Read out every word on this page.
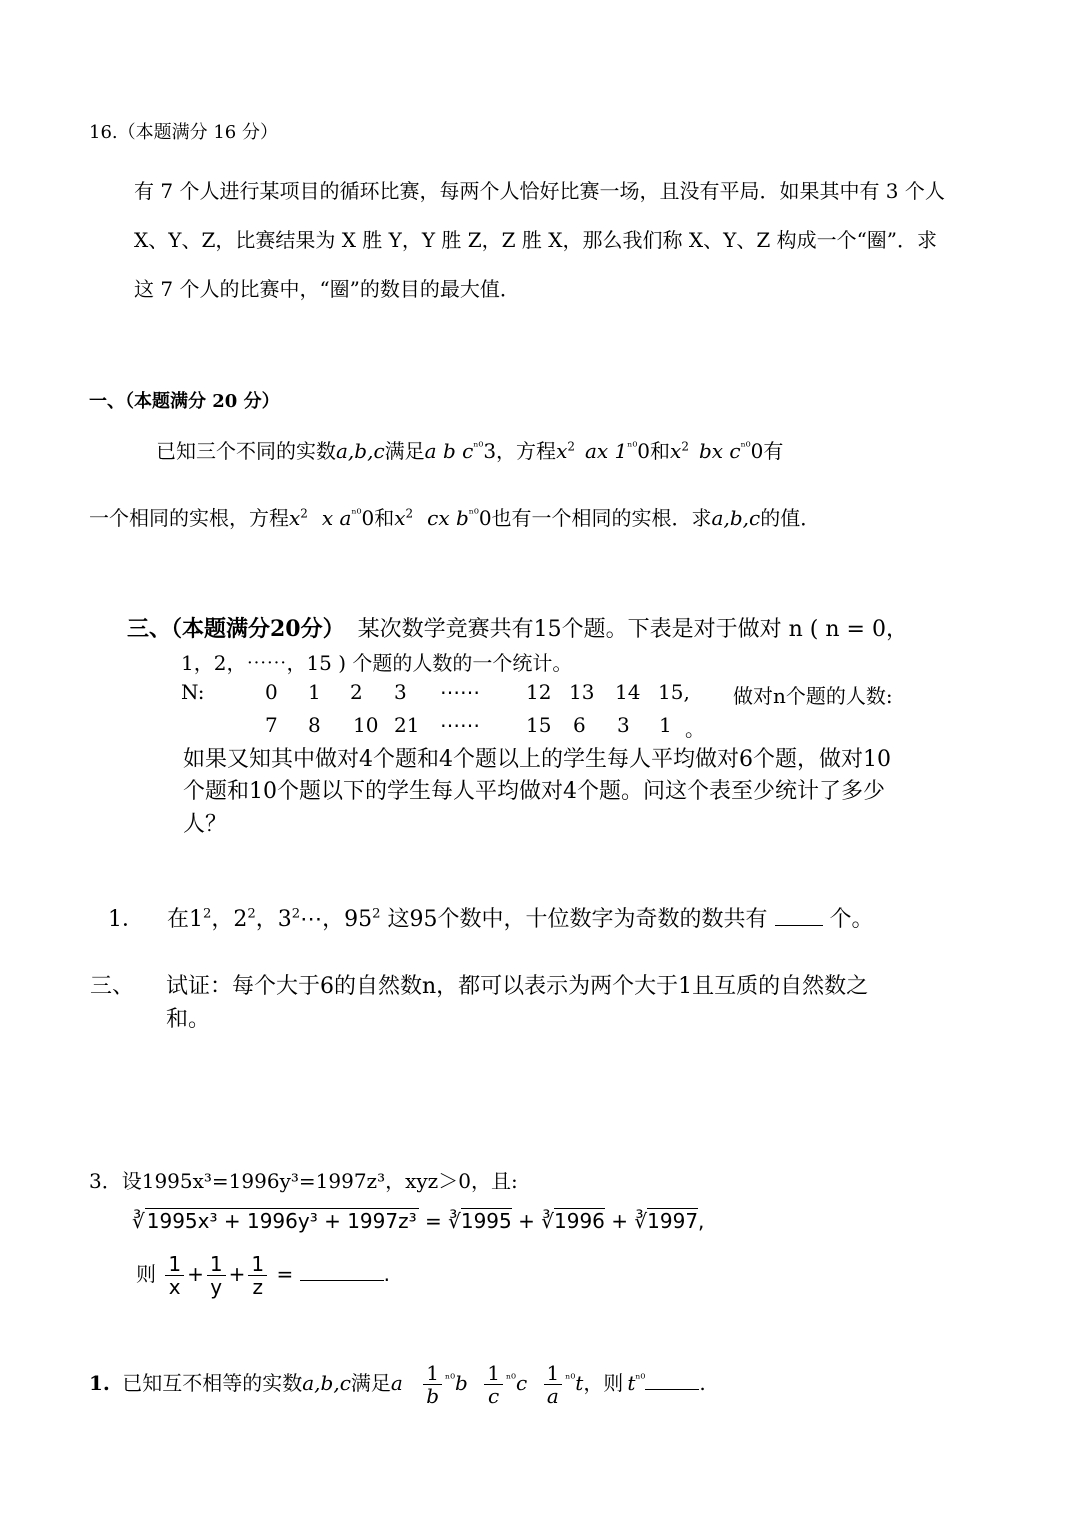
16.（本题满分 16 分）
有 7 个人进行某项目的循环比赛，每两个人恰好比赛一场，且没有平局．如果其中有 3 个人
X、Y、Z，比赛结果为 X 胜 Y，Y 胜 Z，Z 胜 X，那么我们称 X、Y、Z 构成一个“圈”．求
这 7 个人的比赛中，“圈”的数目的最大值．
一、（本题满分 20 分）
已知三个不同的实数a,b,c满足a b $c^{^{n0}}3$，方程$x^2$ ax $1^{^{n0}}0$和$x^2$ bx $c^{^{n0}}0$有
一个相同的实根，方程$x^2$ x $a^{^{n0}}0$和$x^2$ cx $b^{^{n0}}0$也有一个相同的实根．求a,b,c的值．
三、（本题满分20分） 某次数学竞赛共有15个题。下表是对于做对 n ( n = 0，
1，2，⋯⋯，15 ) 个题的人数的一个统计。
N:	0 1 2 3 ⋯⋯ 12 13 14 15, 做对n个题的人数:
7 8 10 21 ⋯⋯ 15 6 3 1 。
如果又知其中做对4个题和4个题以上的学生每人平均做对6个题，做对10
个题和10个题以下的学生每人平均做对4个题。问这个表至少统计了多少
人？
1． 在$1^2$，$2^2$，$3^2\cdots$，$95^2$ 这95个数中，十位数字为奇数的数共有  个。
三、 试证：每个大于6的自然数n，都可以表示为两个大于1且互质的自然数之
和。
3．设1995x³=1996y³=1997z³，xyz＞0，且:
∛ 1995x³ + 1996y³ + 1997z³ = ∛1995 + ∛1996 + ∛1997,
则 $\frac{1}{x} + \frac{1}{y} + \frac{1}{z}$ =	.
1. 已知互不相等的实数a,b,c满足a $\frac{1}{b} ^{^{n0}}b \frac{1}{c} ^{^{n0}}c \frac{1}{a} ^{^{n0}}t$，则 $t^{^{n0}}$	.
